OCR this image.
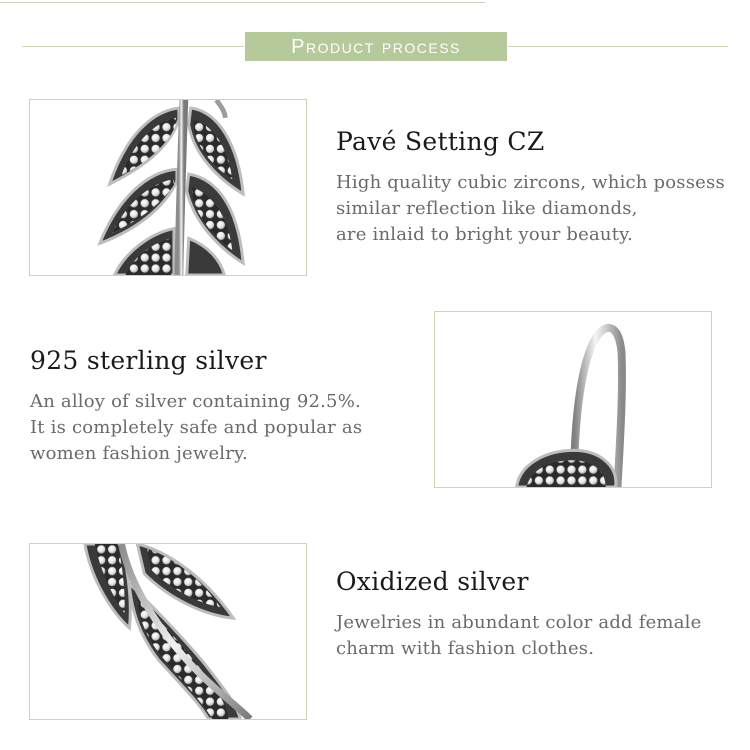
Product process
Pavé Setting CZ

High quality cubic zircons, which possess

similar reflection like diamonds,

are inlaid to bright your beauty.

925 sterling silver

An alloy of silver containing 92.5%.

It is completely safe and popular as

women fashion jewelry.

Oxidized silver

Jewelries in abundant color add female

charm with fashion clothes.
